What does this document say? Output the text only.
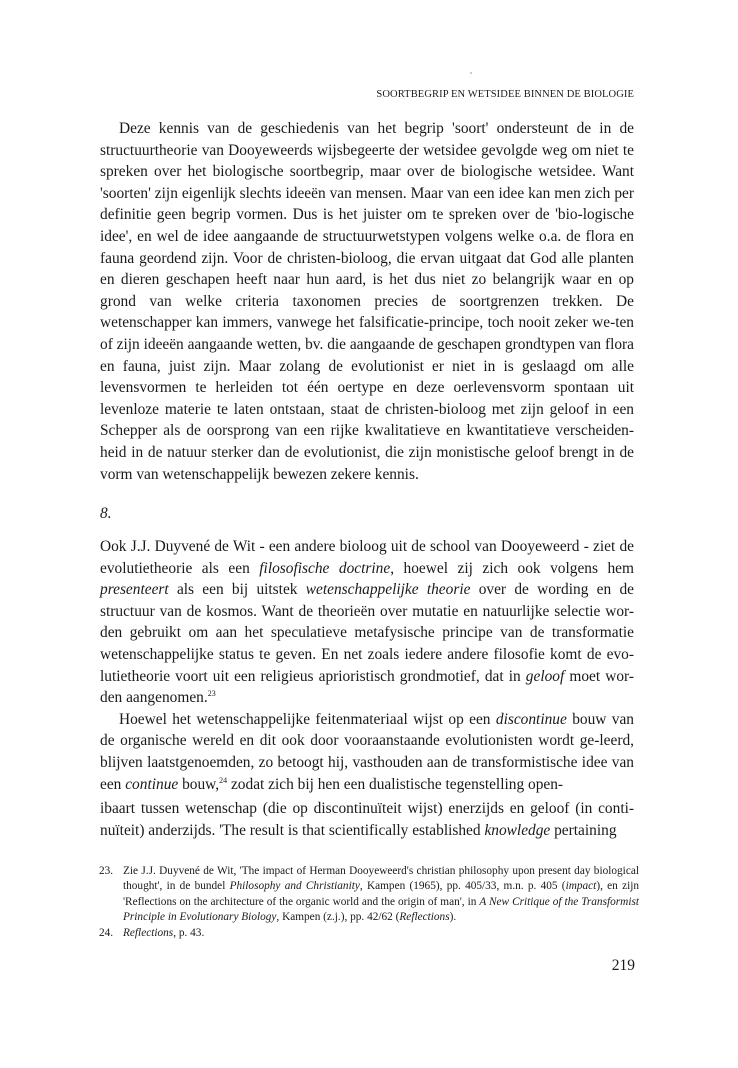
SOORTBEGRIP EN WETSIDEE BINNEN DE BIOLOGIE

Deze kennis van de geschiedenis van het begrip 'soort' ondersteunt de in de structuurtheorie van Dooyeweerds wijsbegeerte der wetsidee gevolgde weg om niet te spreken over het biologische soortbegrip, maar over de biologische wetsidee. Want 'soorten' zijn eigenlijk slechts ideeën van mensen. Maar van een idee kan men zich per definitie geen begrip vormen. Dus is het juister om te spreken over de 'bio-logische idee', en wel de idee aangaande de structuurwetstypen volgens welke o.a. de flora en fauna geordend zijn. Voor de christen-bioloog, die ervan uitgaat dat God alle planten en dieren geschapen heeft naar hun aard, is het dus niet zo belangrijk waar en op grond van welke criteria taxonomen precies de soortgrenzen trekken. De wetenschapper kan immers, vanwege het falsificatie-principe, toch nooit zeker we-ten of zijn ideeën aangaande wetten, bv. die aangaande de geschapen grondtypen van flora en fauna, juist zijn. Maar zolang de evolutionist er niet in is geslaagd om alle levensvormen te herleiden tot één oertype en deze oerlevensvorm spontaan uit levenloze materie te laten ontstaan, staat de christen-bioloog met zijn geloof in een Schepper als de oorsprong van een rijke kwalitatieve en kwantitatieve verscheiden-heid in de natuur sterker dan de evolutionist, die zijn monistische geloof brengt in de vorm van wetenschappelijk bewezen zekere kennis.

8.

Ook J.J. Duyvené de Wit - een andere bioloog uit de school van Dooyeweerd - ziet de evolutietheorie als een filosofische doctrine, hoewel zij zich ook volgens hem presenteert als een bij uitstek wetenschappelijke theorie over de wording en de structuur van de kosmos. Want de theorieën over mutatie en natuurlijke selectie wor-den gebruikt om aan het speculatieve metafysische principe van de transformatie wetenschappelijke status te geven. En net zoals iedere andere filosofie komt de evo-lutietheorie voort uit een religieus aprioristisch grondmotief, dat in geloof moet wor-den aangenomen.$^{23}$

Hoewel het wetenschappelijke feitenmateriaal wijst op een discontinue bouw van de organische wereld en dit ook door vooraanstaande evolutionisten wordt ge-leerd, blijven laatstgenoemden, zo betoogt hij, vasthouden aan de transformistische idee van een continue bouw,$^{24}$ zodat zich bij hen een dualistische tegenstelling open-

ibaart tussen wetenschap (die op discontinuïteit wijst) enerzijds en geloof (in conti-nuïteit) anderzijds. 'The result is that scientifically established knowledge pertaining

23. Zie J.J. Duyvené de Wit, 'The impact of Herman Dooyeweerd's christian philosophy upon present day biological thought', in de bundel Philosophy and Christianity, Kampen (1965), pp. 405/33, m.n. p. 405 (impact), en zijn 'Reflections on the architecture of the organic world and the origin of man', in A New Critique of the Transformist Principle in Evolutionary Biology, Kampen (z.j.), pp. 42/62 (Reflections).
24. Reflections, p. 43.
219
